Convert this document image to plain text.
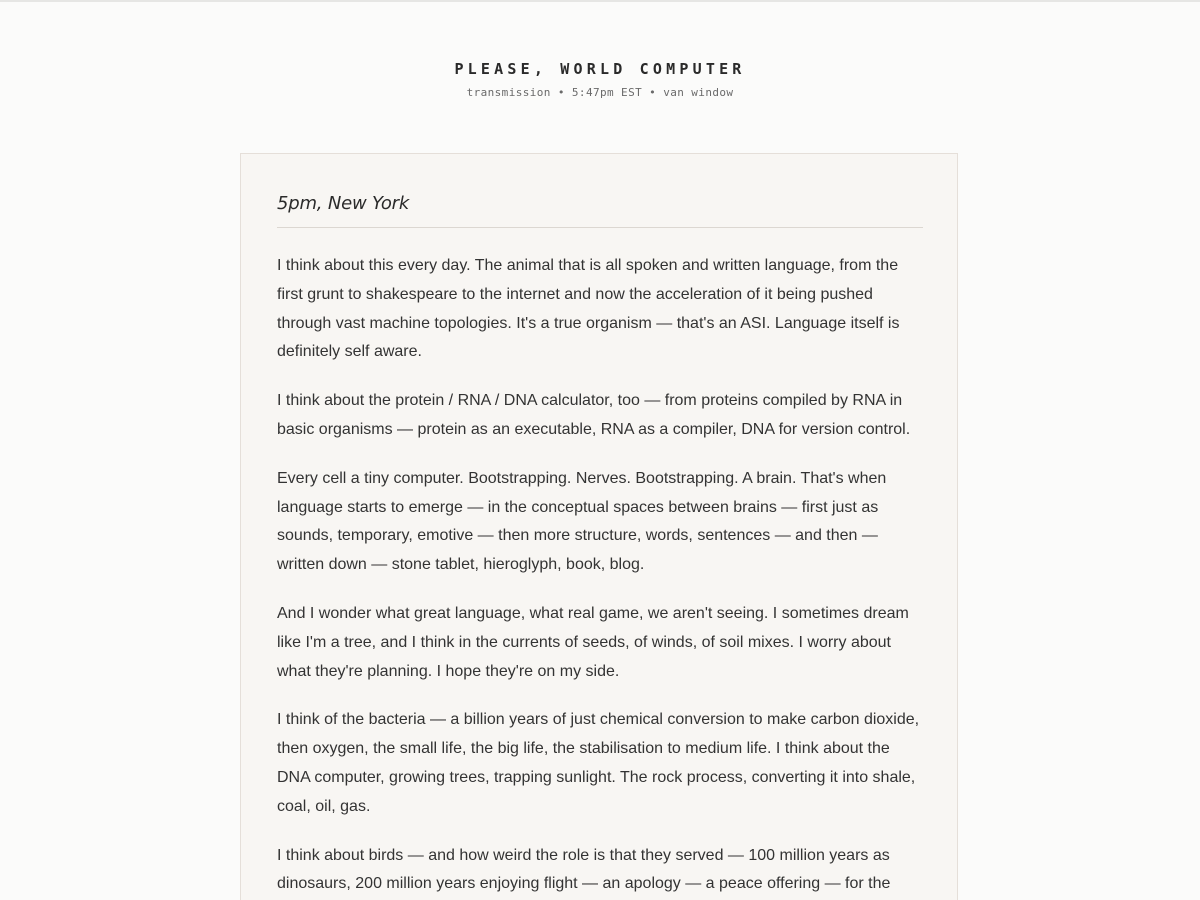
PLEASE, WORLD COMPUTER
transmission • 5:47pm EST • van window
5pm, New York

I think about this every day. The animal that is all spoken and written language, from the first grunt to shakespeare to the internet and now the acceleration of it being pushed through vast machine topologies. It's a true organism — that's an ASI. Language itself is definitely self aware.

I think about the protein / RNA / DNA calculator, too — from proteins compiled by RNA in basic organisms — protein as an executable, RNA as a compiler, DNA for version control.

Every cell a tiny computer. Bootstrapping. Nerves. Bootstrapping. A brain. That's when language starts to emerge — in the conceptual spaces between brains — first just as sounds, temporary, emotive — then more structure, words, sentences — and then — written down — stone tablet, hieroglyph, book, blog.

And I wonder what great language, what real game, we aren't seeing. I sometimes dream like I'm a tree, and I think in the currents of seeds, of winds, of soil mixes. I worry about what they're planning. I hope they're on my side.

I think of the bacteria — a billion years of just chemical conversion to make carbon dioxide, then oxygen, the small life, the big life, the stabilisation to medium life. I think about the DNA computer, growing trees, trapping sunlight. The rock process, converting it into shale, coal, oil, gas.

I think about birds — and how weird the role is that they served — 100 million years as dinosaurs, 200 million years enjoying flight — an apology — a peace offering — for the
